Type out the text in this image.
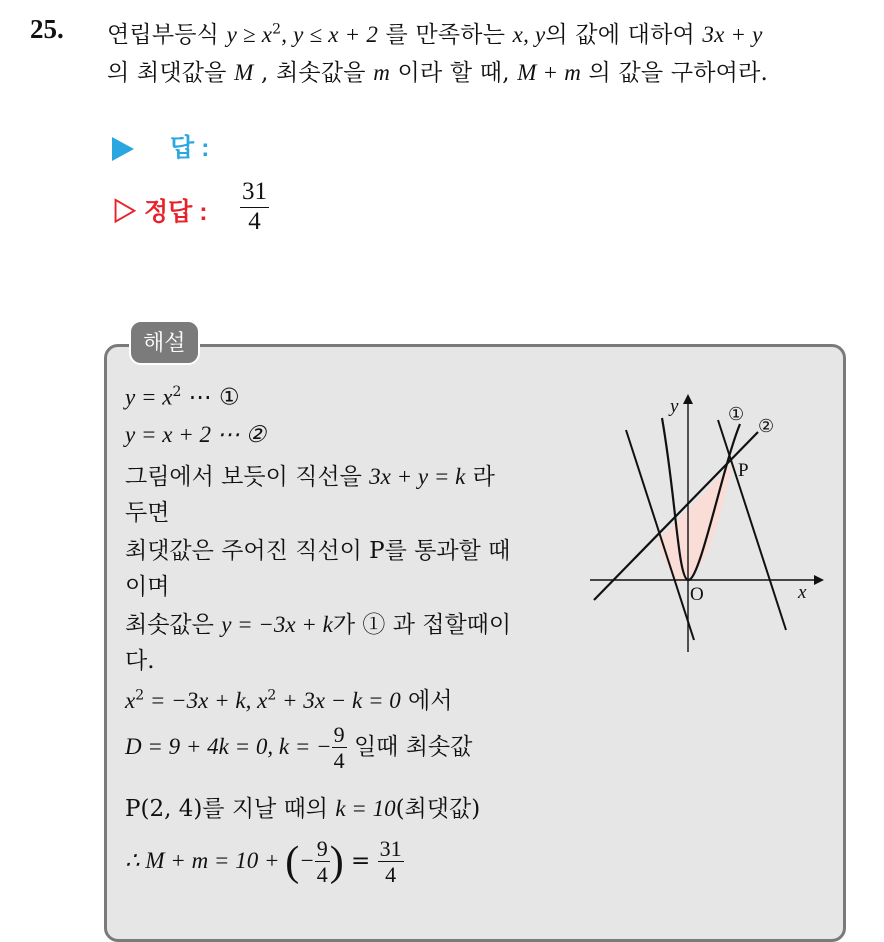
25. 연립부등식 $y \ge x^2$, y ≤ x + 2 를 만족하는 x, y의 값에 대하여 3x + y
의 최댓값을 M , 최솟값을 m 이라 할 때, M + m 의 값을 구하여라.
답 :
▷ 정답 : $\frac{31}{4}$
해설
$y = x^2$ ⋯ ①
y = x + 2 ⋯ ②
그림에서 보듯이 직선을 3x + y = k 라
두면
최댓값은 주어진 직선이 P를 통과할 때
이며
최솟값은 y = −3x + k가 ① 과 접할때이
다.
$x^2 = -3x + k$, $x^2 + 3x - k = 0$ 에서
D = 9 + 4k = 0, k = − $\frac{9}{4}$ 일때 최솟값
P(2, 4)를 지날 때의 k = 10(최댓값)
∴ M + m = 10 + (− $\frac{9}{4}$ ) = $\frac{31}{4}$
y
x
O
P
①
②
